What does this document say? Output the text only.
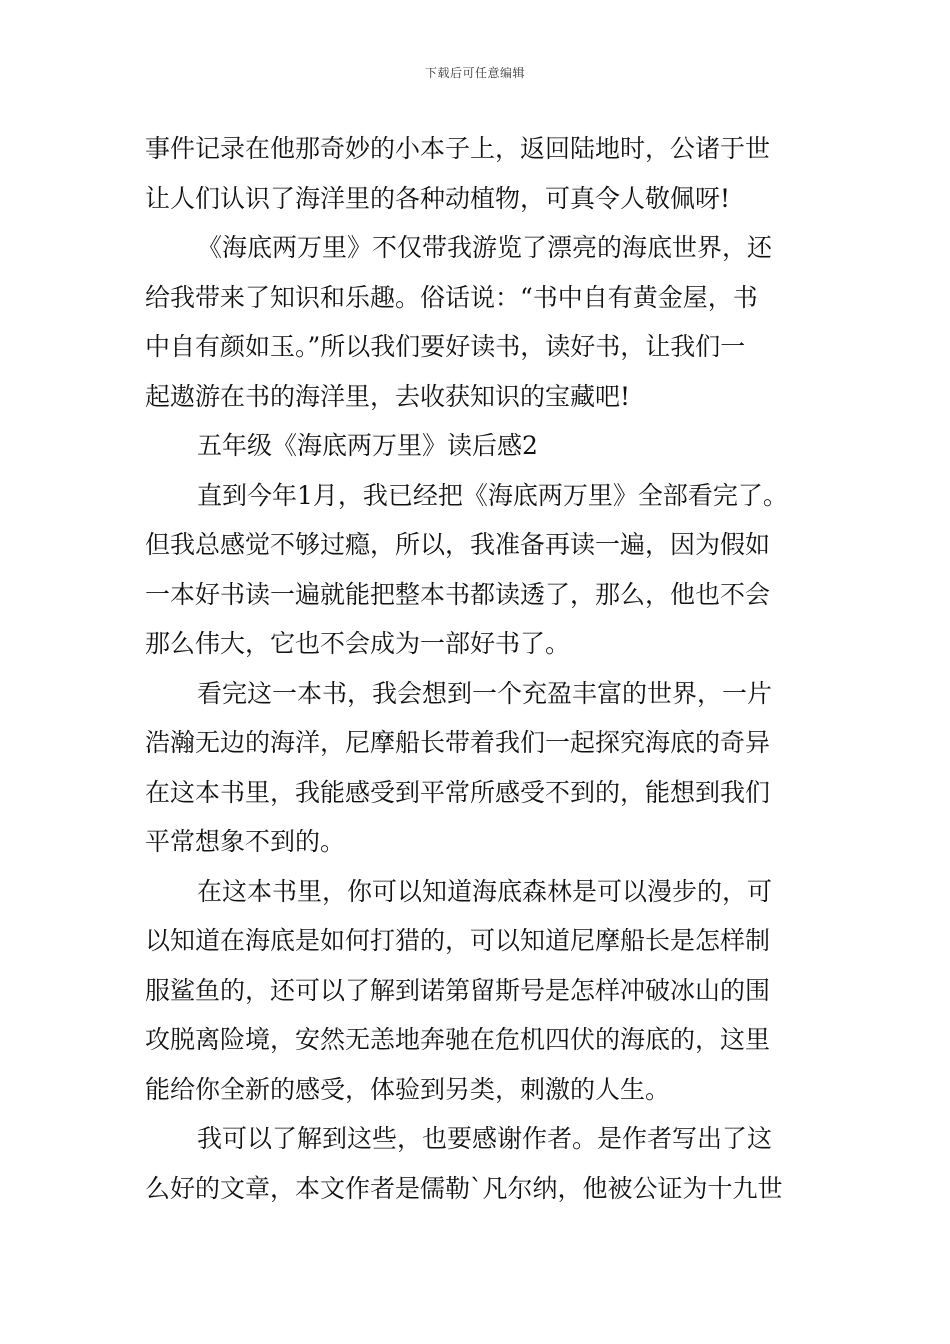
下载后可任意编辑
事件记录在他那奇妙的小本子上，返回陆地时，公诸于世
让人们认识了海洋里的各种动植物，可真令人敬佩呀!
《海底两万里》不仅带我游览了漂亮的海底世界，还
给我带来了知识和乐趣。俗话说：“书中自有黄金屋，书
中自有颜如玉。”所以我们要好读书，读好书，让我们一
起遨游在书的海洋里，去收获知识的宝藏吧!
五年级《海底两万里》读后感2
直到今年1月，我已经把《海底两万里》全部看完了。
但我总感觉不够过瘾，所以，我准备再读一遍，因为假如
一本好书读一遍就能把整本书都读透了，那么，他也不会
那么伟大，它也不会成为一部好书了。
看完这一本书，我会想到一个充盈丰富的世界，一片
浩瀚无边的海洋，尼摩船长带着我们一起探究海底的奇异
在这本书里，我能感受到平常所感受不到的，能想到我们
平常想象不到的。
在这本书里，你可以知道海底森林是可以漫步的，可
以知道在海底是如何打猎的，可以知道尼摩船长是怎样制
服鲨鱼的，还可以了解到诺第留斯号是怎样冲破冰山的围
攻脱离险境，安然无恙地奔驰在危机四伏的海底的，这里
能给你全新的感受，体验到另类，刺激的人生。
我可以了解到这些，也要感谢作者。是作者写出了这
么好的文章，本文作者是儒勒`凡尔纳，他被公证为十九世
